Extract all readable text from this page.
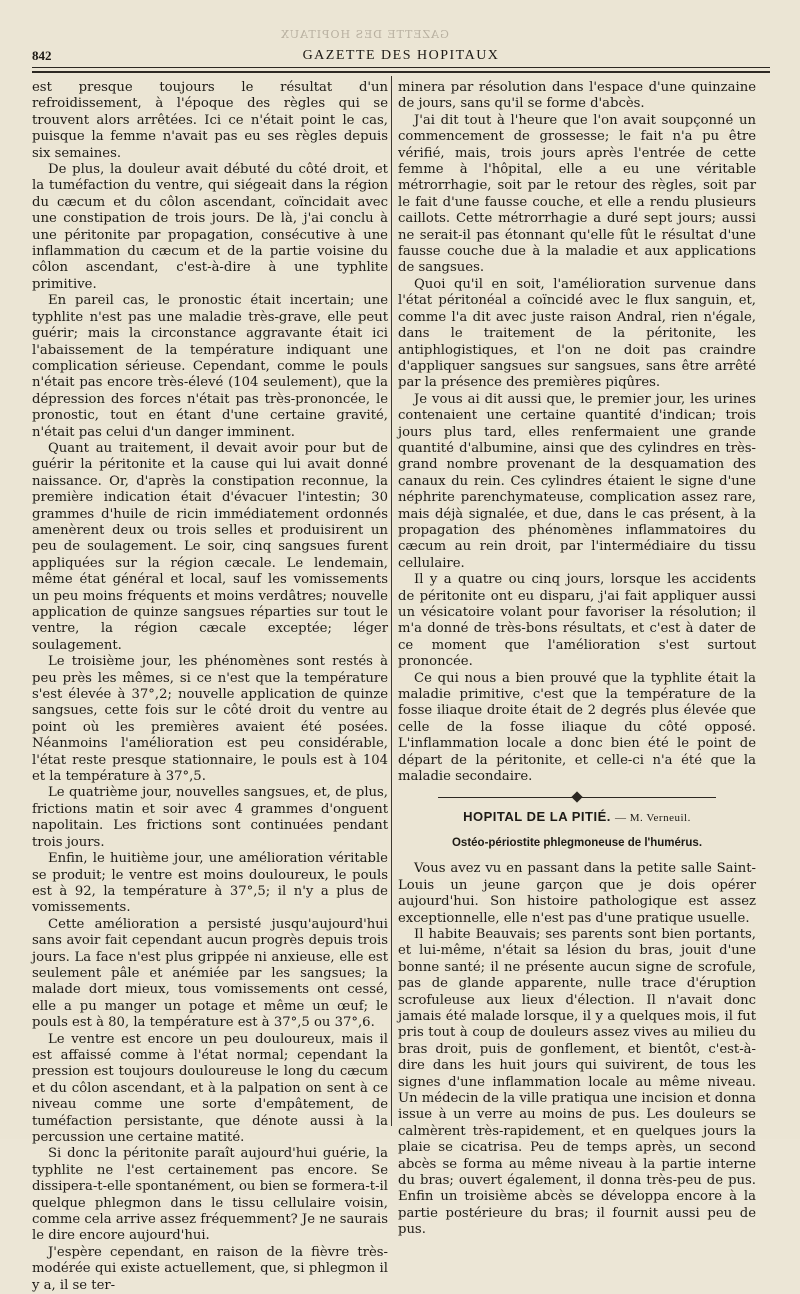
GAZETTE DES HOPITAUX
842	GAZETTE DES HOPITAUX

est presque toujours le résultat d'un refroidissement, à l'époque des règles qui se trouvent alors arrêtées. Ici ce n'était point le cas, puisque la femme n'avait pas eu ses règles depuis six semaines.

De plus, la douleur avait débuté du côté droit, et la tuméfaction du ventre, qui siégeait dans la région du cæcum et du côlon ascendant, coïncidait avec une constipation de trois jours. De là, j'ai conclu à une péritonite par propagation, consécutive à une inflammation du cæcum et de la partie voisine du côlon ascendant, c'est-à-dire à une typhlite primitive.

En pareil cas, le pronostic était incertain; une typhlite n'est pas une maladie très-grave, elle peut guérir; mais la circonstance aggravante était ici l'abaissement de la température indiquant une complication sérieuse. Cependant, comme le pouls n'était pas encore très-élevé (104 seulement), que la dépression des forces n'était pas très-prononcée, le pronostic, tout en étant d'une certaine gravité, n'était pas celui d'un danger imminent.

Quant au traitement, il devait avoir pour but de guérir la péritonite et la cause qui lui avait donné naissance. Or, d'après la constipation reconnue, la première indication était d'évacuer l'intestin; 30 grammes d'huile de ricin immédiatement ordonnés amenèrent deux ou trois selles et produisirent un peu de soulagement. Le soir, cinq sangsues furent appliquées sur la région cæcale. Le lendemain, même état général et local, sauf les vomissements un peu moins fréquents et moins verdâtres; nouvelle application de quinze sangsues réparties sur tout le ventre, la région cæcale exceptée; léger soulagement.

Le troisième jour, les phénomènes sont restés à peu près les mêmes, si ce n'est que la température s'est élevée à 37°,2; nouvelle application de quinze sangsues, cette fois sur le côté droit du ventre au point où les premières avaient été posées. Néanmoins l'amélioration est peu considérable, l'état reste presque stationnaire, le pouls est à 104 et la température à 37°,5.

Le quatrième jour, nouvelles sangsues, et, de plus, frictions matin et soir avec 4 grammes d'onguent napolitain. Les frictions sont continuées pendant trois jours.

Enfin, le huitième jour, une amélioration véritable se produit; le ventre est moins douloureux, le pouls est à 92, la température à 37°,5; il n'y a plus de vomissements.

Cette amélioration a persisté jusqu'aujourd'hui sans avoir fait cependant aucun progrès depuis trois jours. La face n'est plus grippée ni anxieuse, elle est seulement pâle et anémiée par les sangsues; la malade dort mieux, tous vomissements ont cessé, elle a pu manger un potage et même un œuf; le pouls est à 80, la température est à 37°,5 ou 37°,6.

Le ventre est encore un peu douloureux, mais il est affaissé comme à l'état normal; cependant la pression est toujours douloureuse le long du cæcum et du côlon ascendant, et à la palpation on sent à ce niveau comme une sorte d'empâtement, de tuméfaction persistante, que dénote aussi à la percussion une certaine matité.

Si donc la péritonite paraît aujourd'hui guérie, la typhlite ne l'est certainement pas encore. Se dissipera-t-elle spontanément, ou bien se formera-t-il quelque phlegmon dans le tissu cellulaire voisin, comme cela arrive assez fréquemment? Je ne saurais le dire encore aujourd'hui.

J'espère cependant, en raison de la fièvre très-modérée qui existe actuellement, que, si phlegmon il y a, il se ter-

minera par résolution dans l'espace d'une quinzaine de jours, sans qu'il se forme d'abcès.

J'ai dit tout à l'heure que l'on avait soupçonné un commencement de grossesse; le fait n'a pu être vérifié, mais, trois jours après l'entrée de cette femme à l'hôpital, elle a eu une véritable métrorrhagie, soit par le retour des règles, soit par le fait d'une fausse couche, et elle a rendu plusieurs caillots. Cette métrorrhagie a duré sept jours; aussi ne serait-il pas étonnant qu'elle fût le résultat d'une fausse couche due à la maladie et aux applications de sangsues.

Quoi qu'il en soit, l'amélioration survenue dans l'état péritonéal a coïncidé avec le flux sanguin, et, comme l'a dit avec juste raison Andral, rien n'égale, dans le traitement de la péritonite, les antiphlogistiques, et l'on ne doit pas craindre d'appliquer sangsues sur sangsues, sans être arrêté par la présence des premières piqûres.

Je vous ai dit aussi que, le premier jour, les urines contenaient une certaine quantité d'indican; trois jours plus tard, elles renfermaient une grande quantité d'albumine, ainsi que des cylindres en très-grand nombre provenant de la desquamation des canaux du rein. Ces cylindres étaient le signe d'une néphrite parenchymateuse, complication assez rare, mais déjà signalée, et due, dans le cas présent, à la propagation des phénomènes inflammatoires du cæcum au rein droit, par l'intermédiaire du tissu cellulaire.

Il y a quatre ou cinq jours, lorsque les accidents de péritonite ont eu disparu, j'ai fait appliquer aussi un vésicatoire volant pour favoriser la résolution; il m'a donné de très-bons résultats, et c'est à dater de ce moment que l'amélioration s'est surtout prononcée.

Ce qui nous a bien prouvé que la typhlite était la maladie primitive, c'est que la température de la fosse iliaque droite était de 2 degrés plus élevée que celle de la fosse iliaque du côté opposé. L'inflammation locale a donc bien été le point de départ de la péritonite, et celle-ci n'a été que la maladie secondaire.

HOPITAL DE LA PITIÉ. — M. Verneuil.
Ostéo-périostite phlegmoneuse de l'humérus.

Vous avez vu en passant dans la petite salle Saint-Louis un jeune garçon que je dois opérer aujourd'hui. Son histoire pathologique est assez exceptionnelle, elle n'est pas d'une pratique usuelle.

Il habite Beauvais; ses parents sont bien portants, et lui-même, n'était sa lésion du bras, jouit d'une bonne santé; il ne présente aucun signe de scrofule, pas de glande apparente, nulle trace d'éruption scrofuleuse aux lieux d'élection. Il n'avait donc jamais été malade lorsque, il y a quelques mois, il fut pris tout à coup de douleurs assez vives au milieu du bras droit, puis de gonflement, et bientôt, c'est-à-dire dans les huit jours qui suivirent, de tous les signes d'une inflammation locale au même niveau. Un médecin de la ville pratiqua une incision et donna issue à un verre au moins de pus. Les douleurs se calmèrent très-rapidement, et en quelques jours la plaie se cicatrisa. Peu de temps après, un second abcès se forma au même niveau à la partie interne du bras; ouvert également, il donna très-peu de pus. Enfin un troisième abcès se développa encore à la partie postérieure du bras; il fournit aussi peu de pus.
